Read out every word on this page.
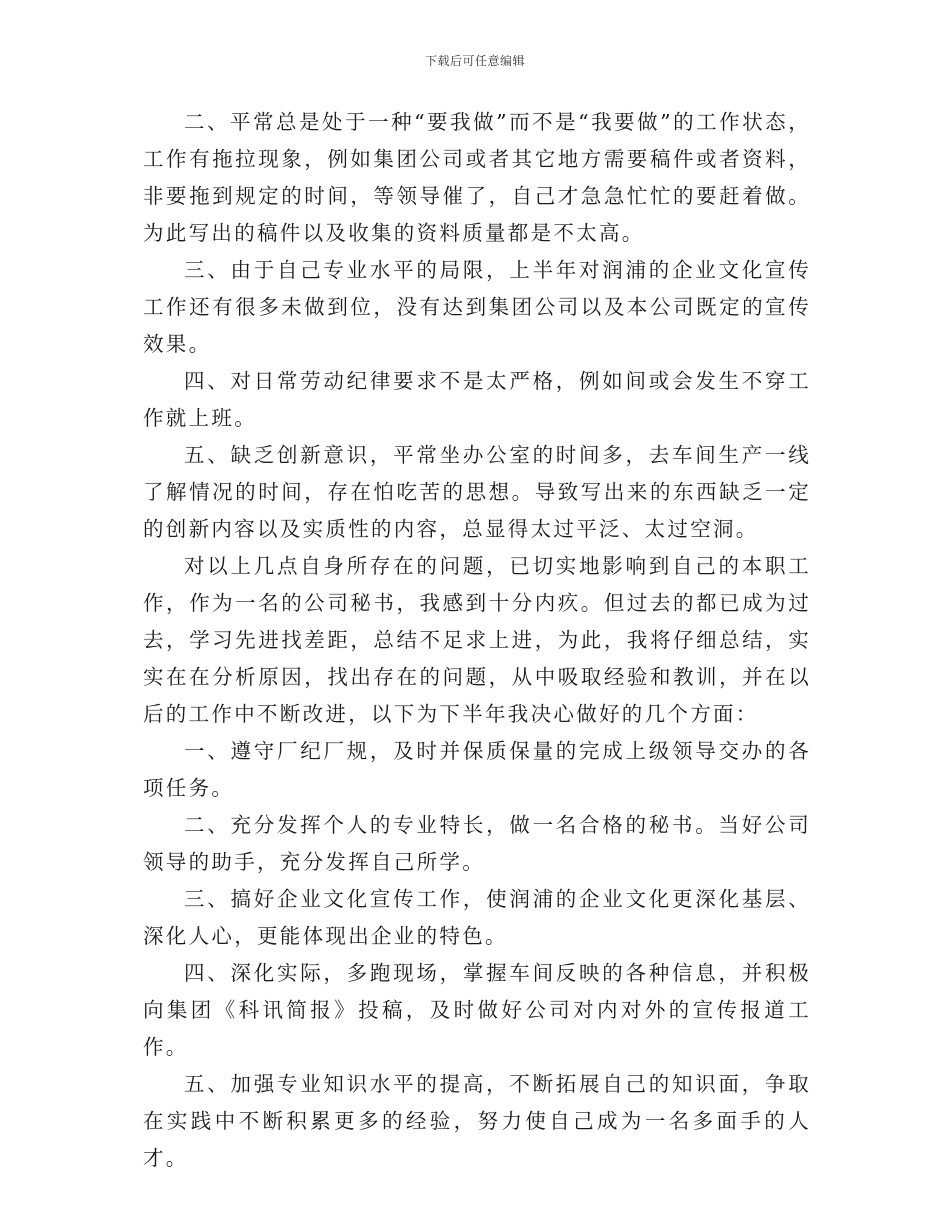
下载后可任意编辑

二、平常总是处于一种“要我做”而不是“我要做”的工作状态，工作有拖拉现象，例如集团公司或者其它地方需要稿件或者资料，非要拖到规定的时间，等领导催了，自己才急急忙忙的要赶着做。为此写出的稿件以及收集的资料质量都是不太高。

三、由于自己专业水平的局限，上半年对润浦的企业文化宣传工作还有很多未做到位，没有达到集团公司以及本公司既定的宣传效果。

四、对日常劳动纪律要求不是太严格，例如间或会发生不穿工作就上班。

五、缺乏创新意识，平常坐办公室的时间多，去车间生产一线了解情况的时间，存在怕吃苦的思想。导致写出来的东西缺乏一定的创新内容以及实质性的内容，总显得太过平泛、太过空洞。

对以上几点自身所存在的问题，已切实地影响到自己的本职工作，作为一名的公司秘书，我感到十分内疚。但过去的都已成为过去，学习先进找差距，总结不足求上进，为此，我将仔细总结，实实在在分析原因，找出存在的问题，从中吸取经验和教训，并在以后的工作中不断改进，以下为下半年我决心做好的几个方面：

一、遵守厂纪厂规，及时并保质保量的完成上级领导交办的各项任务。

二、充分发挥个人的专业特长，做一名合格的秘书。当好公司领导的助手，充分发挥自己所学。

三、搞好企业文化宣传工作，使润浦的企业文化更深化基层、深化人心，更能体现出企业的特色。

四、深化实际，多跑现场，掌握车间反映的各种信息，并积极向集团《科讯简报》投稿，及时做好公司对内对外的宣传报道工作。

五、加强专业知识水平的提高，不断拓展自己的知识面，争取在实践中不断积累更多的经验，努力使自己成为一名多面手的人才。
